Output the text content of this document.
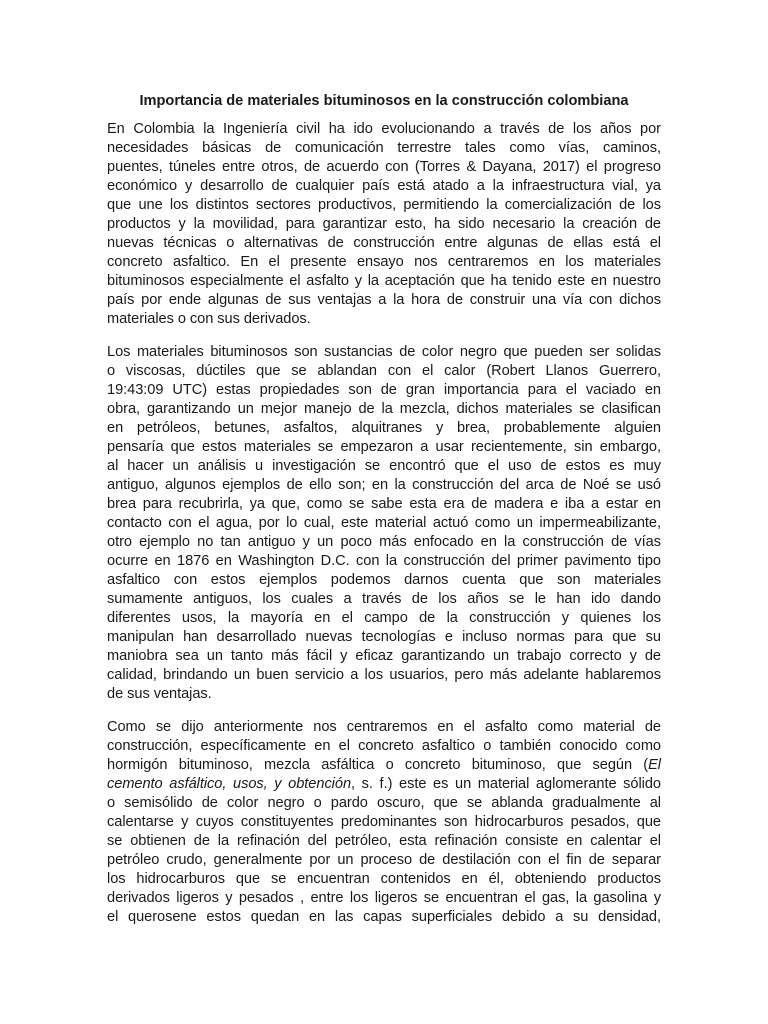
Importancia de materiales bituminosos en la construcción colombiana
En Colombia la Ingeniería civil ha ido evolucionando a través de los años por
necesidades básicas de comunicación terrestre tales como vías, caminos,
puentes, túneles entre otros, de acuerdo con (Torres & Dayana, 2017) el progreso
económico y desarrollo de cualquier país está atado a la infraestructura vial, ya
que une los distintos sectores productivos, permitiendo la comercialización de los
productos y la movilidad, para garantizar esto, ha sido necesario la creación de
nuevas técnicas o alternativas de construcción entre algunas de ellas está el
concreto asfaltico. En el presente ensayo nos centraremos en los materiales
bituminosos especialmente el asfalto y la aceptación que ha tenido este en nuestro
país por ende algunas de sus ventajas a la hora de construir una vía con dichos
materiales o con sus derivados.
Los materiales bituminosos son sustancias de color negro que pueden ser solidas
o viscosas, dúctiles que se ablandan con el calor (Robert Llanos Guerrero,
19:43:09 UTC) estas propiedades son de gran importancia para el vaciado en
obra, garantizando un mejor manejo de la mezcla, dichos materiales se clasifican
en petróleos, betunes, asfaltos, alquitranes y brea, probablemente alguien
pensaría que estos materiales se empezaron a usar recientemente, sin embargo,
al hacer un análisis u investigación se encontró que el uso de estos es muy
antiguo, algunos ejemplos de ello son; en la construcción del arca de Noé se usó
brea para recubrirla, ya que, como se sabe esta era de madera e iba a estar en
contacto con el agua, por lo cual, este material actuó como un impermeabilizante,
otro ejemplo no tan antiguo y un poco más enfocado en la construcción de vías
ocurre en 1876 en Washington D.C. con la construcción del primer pavimento tipo
asfaltico con estos ejemplos podemos darnos cuenta que son materiales
sumamente antiguos, los cuales a través de los años se le han ido dando
diferentes usos, la mayoría en el campo de la construcción y quienes los
manipulan han desarrollado nuevas tecnologías e incluso normas para que su
maniobra sea un tanto más fácil y eficaz garantizando un trabajo correcto y de
calidad, brindando un buen servicio a los usuarios, pero más adelante hablaremos
de sus ventajas.
Como se dijo anteriormente nos centraremos en el asfalto como material de
construcción, específicamente en el concreto asfaltico o también conocido como
hormigón bituminoso, mezcla asfáltica o concreto bituminoso, que según (El
cemento asfáltico, usos, y obtención, s. f.) este es un material aglomerante sólido
o semisólido de color negro o pardo oscuro, que se ablanda gradualmente al
calentarse y cuyos constituyentes predominantes son hidrocarburos pesados, que
se obtienen de la refinación del petróleo, esta refinación consiste en calentar el
petróleo crudo, generalmente por un proceso de destilación con el fin de separar
los hidrocarburos que se encuentran contenidos en él, obteniendo productos
derivados ligeros y pesados , entre los ligeros se encuentran el gas, la gasolina y
el querosene estos quedan en las capas superficiales debido a su densidad,
